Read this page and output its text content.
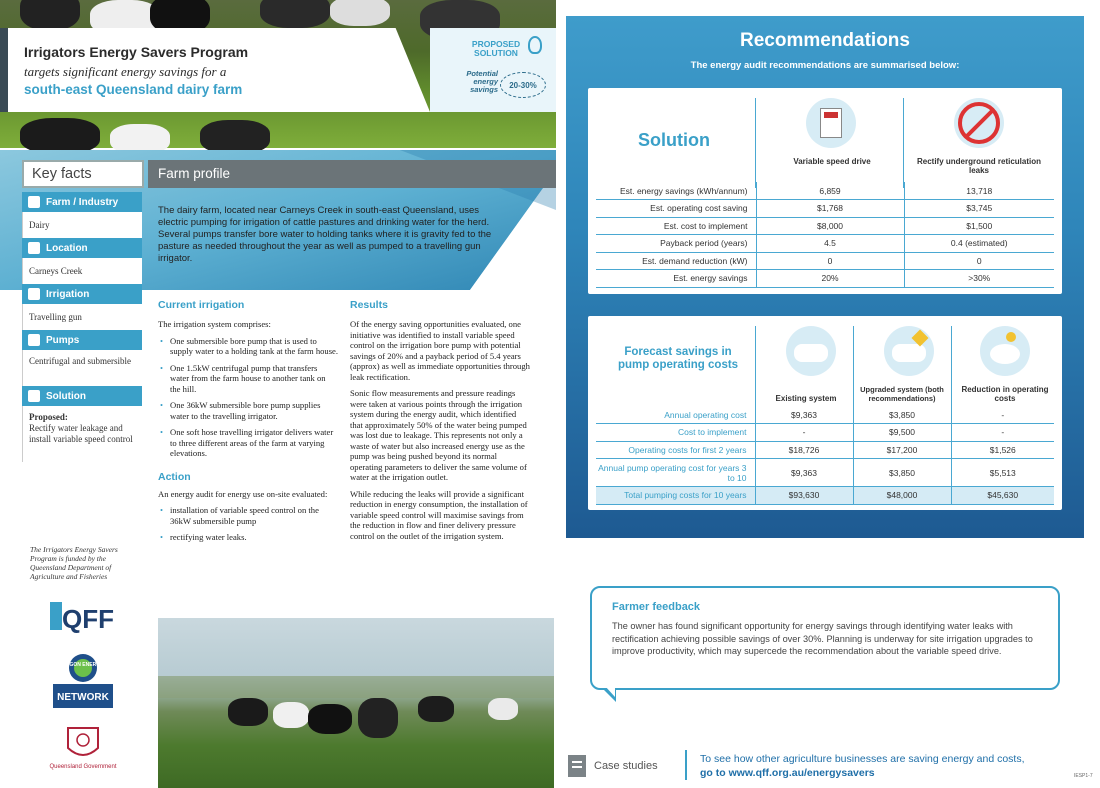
Irrigators Energy Savers Program
targets significant energy savings for a
south-east Queensland dairy farm
PROPOSED SOLUTION
Potential energy savings	20-30%
Key facts	Farm profile
The dairy farm, located near Carneys Creek in south-east Queensland, uses electric pumping for irrigation of cattle pastures and drinking water for the herd. Several pumps transfer bore water to holding tanks where it is gravity fed to the pasture as needed throughout the year as well as pumped to a travelling gun irrigator.
Farm / Industry
Dairy
Location
Carneys Creek
Irrigation
Travelling gun
Pumps
Centrifugal and submersible
Solution
Proposed:
Rectify water leakage and install variable speed control
Current irrigation
The irrigation system comprises:
• One submersible bore pump that is used to supply water to a holding tank at the farm house.
• One 1.5kW centrifugal pump that transfers water from the farm house to another tank on the hill.
• One 36kW submersible bore pump supplies water to the travelling irrigator.
• One soft hose travelling irrigator delivers water to three different areas of the farm at varying elevations.
Action
An energy audit for energy use on-site evaluated:
• installation of variable speed control on the 36kW submersible pump
• rectifying water leaks.
Results
Of the energy saving opportunities evaluated, one initiative was identified to install variable speed control on the irrigation bore pump with potential savings of 20% and a payback period of 5.4 years (approx) as well as immediate opportunities through leak rectification.
Sonic flow measurements and pressure readings were taken at various points through the irrigation system during the energy audit, which identified that approximately 50% of the water being pumped was lost due to leakage. This represents not only a waste of water but also increased energy use as the pump was being pushed beyond its normal operating parameters to deliver the same volume of water at the irrigation outlet.
While reducing the leaks will provide a significant reduction in energy consumption, the installation of variable speed control will maximise savings from the reduction in flow and finer delivery pressure control on the outlet of the irrigation system.
The Irrigators Energy Savers Program is funded by the Queensland Department of Agriculture and Fisheries
QFF
ERGON ENERGY
NETWORK
Queensland Government
Recommendations
The energy audit recommendations are summarised below:
Solution
Variable speed drive	Rectify underground reticulation leaks
Est. energy savings (kWh/annum)	6,859	13,718
Est. operating cost saving	$1,768	$3,745
Est. cost to implement	$8,000	$1,500
Payback period (years)	4.5	0.4 (estimated)
Est. demand reduction (kW)	0	0
Est. energy savings	20%	>30%
Forecast savings in pump operating costs
Existing system
Upgraded system (both recommendations)
Reduction in operating costs
Annual operating cost	$9,363	$3,850	-
Cost to implement	-	$9,500	-
Operating costs for first 2 years	$18,726	$17,200	$1,526
Annual pump operating cost for years 3 to 10	$9,363	$3,850	$5,513
Total pumping costs for 10 years	$93,630	$48,000	$45,630
Farmer feedback
The owner has found significant opportunity for energy savings through identifying water leaks with rectification achieving possible savings of over 30%. Planning is underway for site irrigation upgrades to improve productivity, which may supercede the recommendation about the variable speed drive.
Case studies
To see how other agriculture businesses are saving energy and costs,
go to www.qff.org.au/energysavers	IESP1-7
